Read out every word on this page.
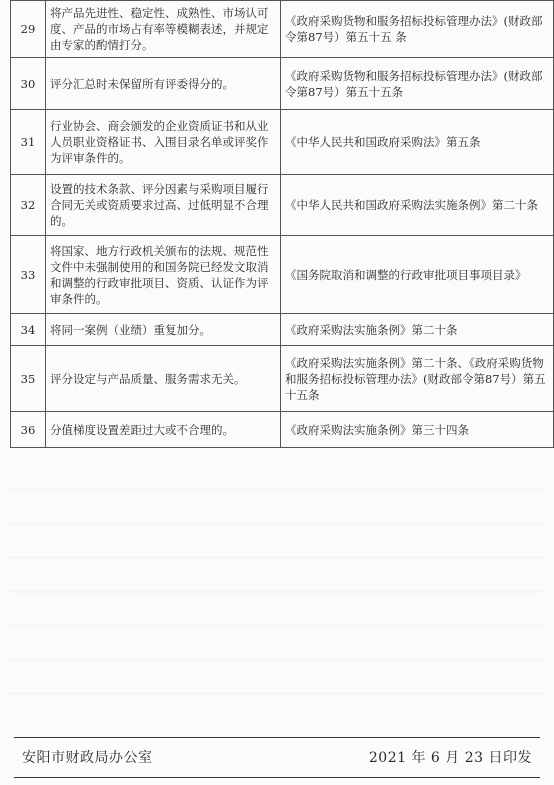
29	将产品先进性、稳定性、成熟性、市场认可度、产品的市场占有率等模糊表述，并规定由专家的酌情打分。	《政府采购货物和服务招标投标管理办法》(财政部令第87号）第五十五 条
30	评分汇总时未保留所有评委得分的。	《政府采购货物和服务招标投标管理办法》(财政部令第87号）第五十五条
31	行业协会、商会颁发的企业资质证书和从业人员职业资格证书、入围目录名单或评奖作为评审条件的。	《中华人民共和国政府采购法》第五条
32	设置的技术条款、评分因素与采购项目履行合同无关或资质要求过高、过低明显不合理的。	《中华人民共和国政府采购法实施条例》第二十条
33	将国家、地方行政机关颁布的法规、规范性文件中未强制使用的和国务院已经发文取消和调整的行政审批项目、资质、认证作为评审条件的。	《国务院取消和调整的行政审批项目事项目录》
34	将同一案例（业绩）重复加分。	《政府采购法实施条例》第二十条
35	评分设定与产品质量、服务需求无关。	《政府采购法实施条例》第二十条、《政府采购货物和服务招标投标管理办法》(财政部令第87号）第五十五条
36	分值梯度设置差距过大或不合理的。	《政府采购法实施条例》第三十四条
安阳市财政局办公室	2021 年 6 月 23 日印发
